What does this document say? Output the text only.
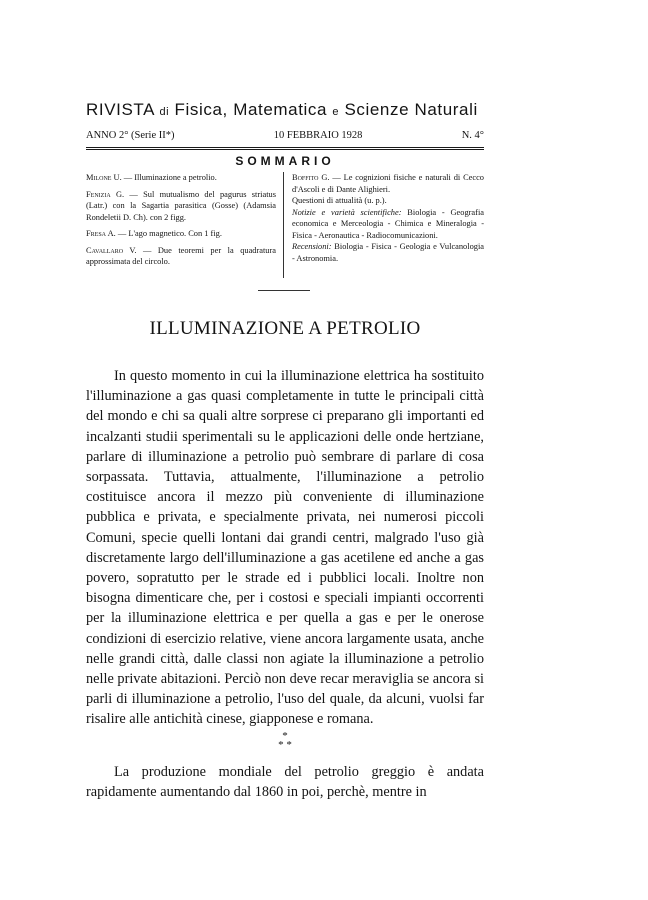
RIVISTA di Fisica, Matematica e Scienze Naturali
ANNO 2° (Serie II*)	10 FEBBRAIO 1928	N. 4°
SOMMARIO
Milone U. — Illuminazione a petrolio.
Fenizia G. — Sul mutualismo del pagurus striatus (Latr.) con la Sagartia parasitica (Gosse) (Adamsia Rondeletii D. Ch). con 2 figg.
Fresa A. — L'ago magnetico. Con 1 fig.
Cavallaro V. — Due teoremi per la quadratura approssimata del circolo.
Boffito G. — Le cognizioni fisiche e naturali di Cecco d'Ascoli e di Dante Alighieri.
Questioni di attualità (u. p.).
Notizie e varietà scientifiche: Biologia - Geografia economica e Merceologia - Chimica e Mineralogia - Fisica - Aeronautica - Radiocomunicazioni.
Recensioni: Biologia - Fisica - Geologia e Vulcanologia - Astronomia.
ILLUMINAZIONE A PETROLIO

In questo momento in cui la illuminazione elettrica ha sostituito l'illuminazione a gas quasi completamente in tutte le principali città del mondo e chi sa quali altre sorprese ci preparano gli importanti ed incalzanti studii sperimentali su le applicazioni delle onde hertziane, parlare di illuminazione a petrolio può sembrare di parlare di cosa sorpassata. Tuttavia, attualmente, l'illuminazione a petrolio costituisce ancora il mezzo più conveniente di illuminazione pubblica e privata, e specialmente privata, nei numerosi piccoli Comuni, specie quelli lontani dai grandi centri, malgrado l'uso già discretamente largo dell'illuminazione a gas acetilene ed anche a gas povero, sopratutto per le strade ed i pubblici locali. Inoltre non bisogna dimenticare che, per i costosi e speciali impianti occorrenti per la illuminazione elettrica e per quella a gas e per le onerose condizioni di esercizio relative, viene ancora largamente usata, anche nelle grandi città, dalle classi non agiate la illuminazione a petrolio nelle private abitazioni. Perciò non deve recar meraviglia se ancora si parli di illuminazione a petrolio, l'uso del quale, da alcuni, vuolsi far risalire alle antichità cinese, giapponese e romana.

*
* *

La produzione mondiale del petrolio greggio è andata rapidamente aumentando dal 1860 in poi, perchè, mentre in
